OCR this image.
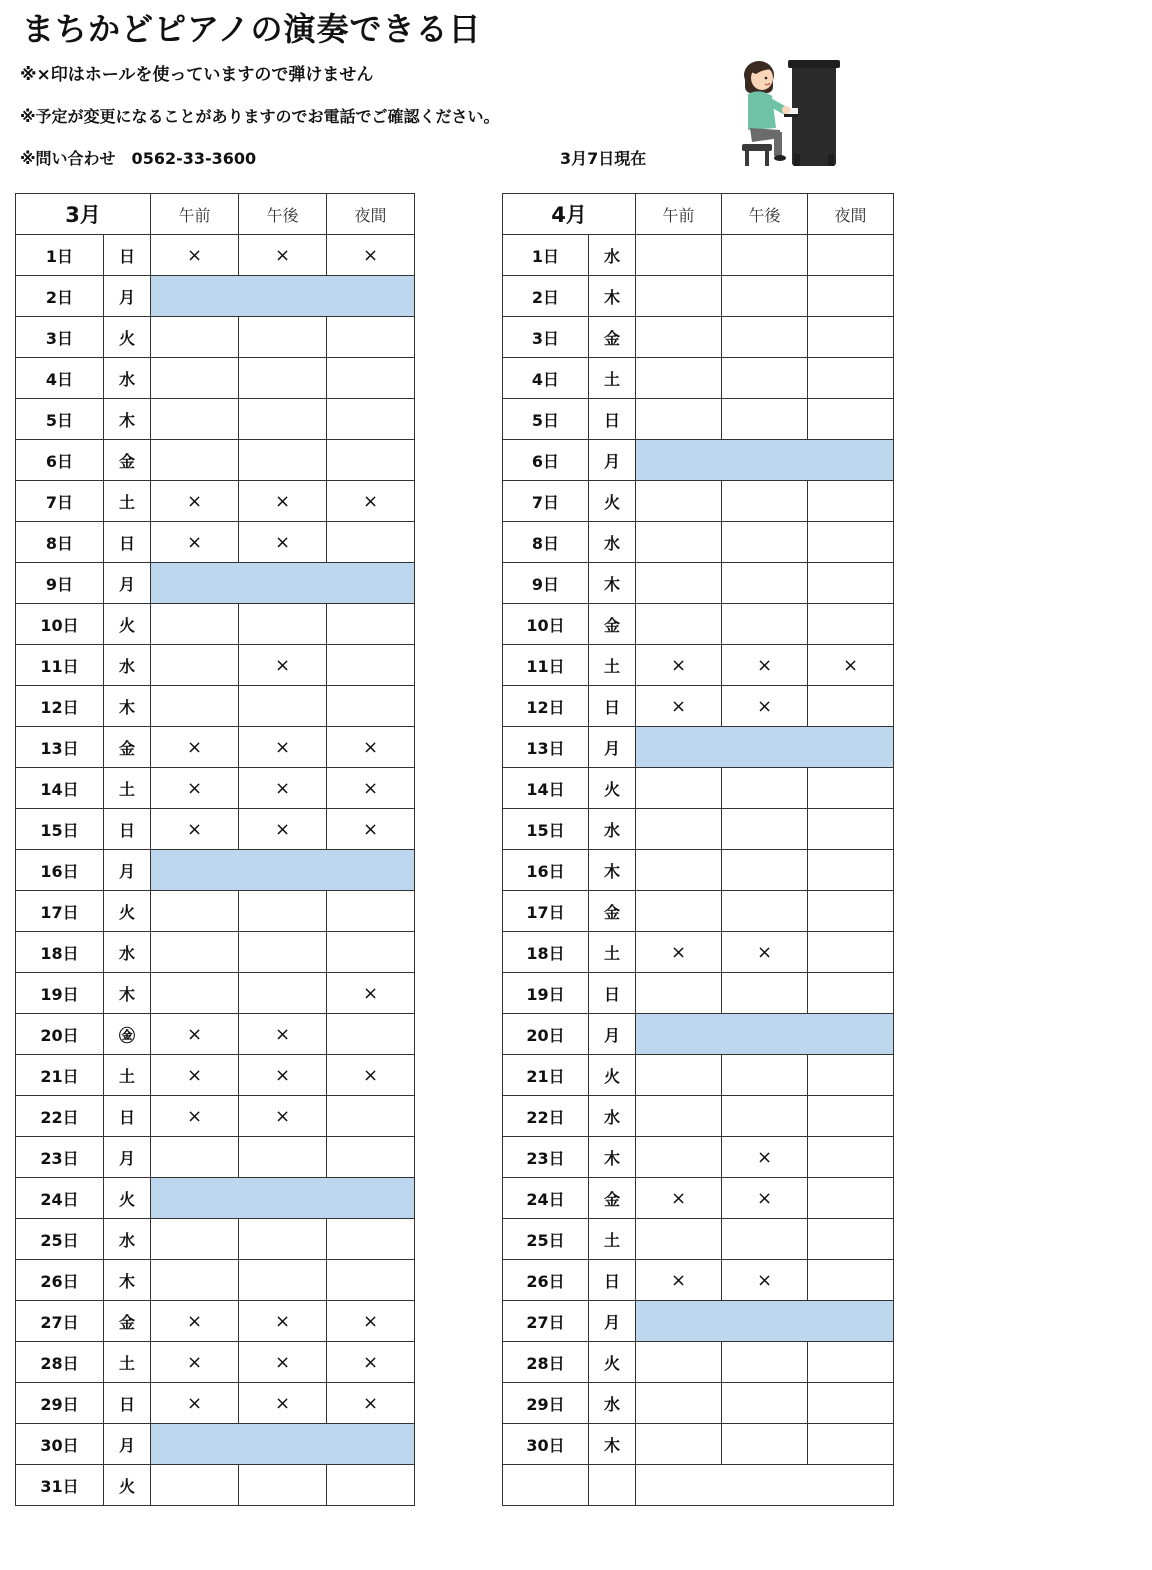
まちかどピアノの演奏できる日
※×印はホールを使っていますので弾けません
※予定が変更になることがありますのでお電話でご確認ください。
※問い合わせ　0562-33-3600	3月7日現在
3月		午前	午後	夜間
1日	日	×	×	×
2日	月			
3日	火			
4日	水			
5日	木			
6日	金			
7日	土	×	×	×
8日	日	×	×	
9日	月			
10日	火			
11日	水		×	
12日	木			
13日	金	×	×	×
14日	土	×	×	×
15日	日	×	×	×
16日	月			
17日	火			
18日	水			
19日	木			×
20日	㊎	×	×	
21日	土	×	×	×
22日	日	×	×	
23日	月			
24日	火			
25日	水			
26日	木			
27日	金	×	×	×
28日	土	×	×	×
29日	日	×	×	×
30日	月			
31日	火			
4月		午前	午後	夜間
1日	水			
2日	木			
3日	金			
4日	土			
5日	日			
6日	月			
7日	火			
8日	水			
9日	木			
10日	金			
11日	土	×	×	×
12日	日	×	×	
13日	月			
14日	火			
15日	水			
16日	木			
17日	金			
18日	土	×	×	
19日	日			
20日	月			
21日	火			
22日	水			
23日	木		×	
24日	金	×	×	
25日	土			
26日	日	×	×	
27日	月			
28日	火			
29日	水			
30日	木			
